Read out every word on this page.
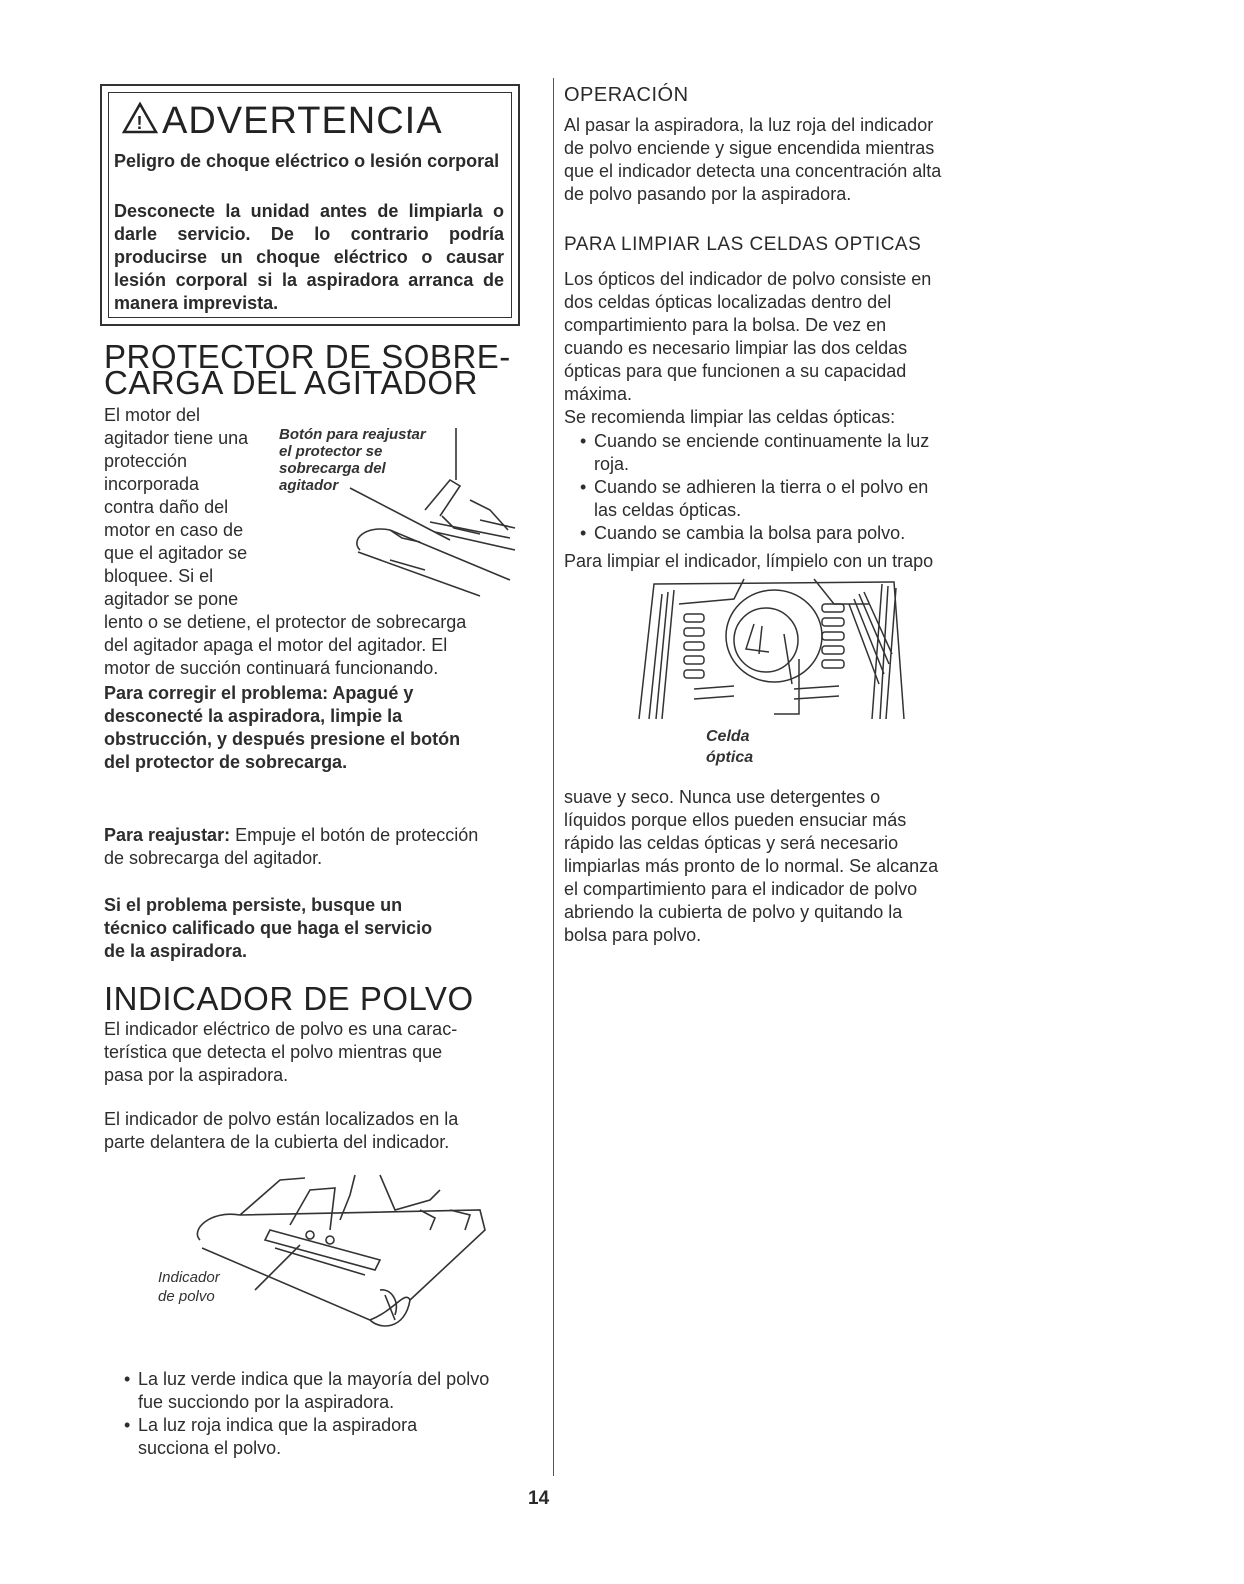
! ADVERTENCIA
Peligro de choque eléctrico o lesión corporal
Desconecte la unidad antes de limpiarla o darle servicio. De lo contrario podría producirse un choque eléctrico o causar lesión corporal si la aspiradora arranca de manera imprevista.
PROTECTOR DE SOBRE-
CARGA DEL AGITADOR
El motor del
agitador tiene una
protección
incorporada
contra daño del
motor en caso de
que el agitador se
bloquee. Si el
agitador se pone
lento o se detiene, el protector de sobrecarga
del agitador apaga el motor del agitador. El
motor de succión continuará funcionando.
Botón para reajustar
el protector se
sobrecarga del
agitador
Para corregir el problema: Apagué y
desconecté la aspiradora, limpie la
obstrucción, y después presione el botón
del protector de sobrecarga.
Para reajustar: Empuje el botón de protección
de sobrecarga del agitador.
Si el problema persiste, busque un
técnico calificado que haga el servicio
de la aspiradora.
INDICADOR DE POLVO
El indicador eléctrico de polvo es una carac-
terística que detecta el polvo mientras que
pasa por la aspiradora.
El indicador de polvo están localizados en la
parte delantera de la cubierta del indicador.
Indicador
de polvo
• La luz verde indica que la mayoría del polvo
fue succiondo por la aspiradora.
• La luz roja indica que la aspiradora
succiona el polvo.
OPERACIÓN
Al pasar la aspiradora, la luz roja del indicador
de polvo enciende y sigue encendida mientras
que el indicador detecta una concentración alta
de polvo pasando por la aspiradora.
PARA LIMPIAR LAS CELDAS OPTICAS
Los ópticos del indicador de polvo consiste en
dos celdas ópticas localizadas dentro del
compartimiento para la bolsa. De vez en
cuando es necesario limpiar las dos celdas
ópticas para que funcionen a su capacidad
máxima.
Se recomienda limpiar las celdas ópticas:
• Cuando se enciende continuamente la luz
roja.
• Cuando se adhieren la tierra o el polvo en
las celdas ópticas.
• Cuando se cambia la bolsa para polvo.
Para limpiar el indicador, límpielo con un trapo
Celda
óptica
suave y seco. Nunca use detergentes o
líquidos porque ellos pueden ensuciar más
rápido las celdas ópticas y será necesario
limpiarlas más pronto de lo normal. Se alcanza
el compartimiento para el indicador de polvo
abriendo la cubierta de polvo y quitando la
bolsa para polvo.
14
